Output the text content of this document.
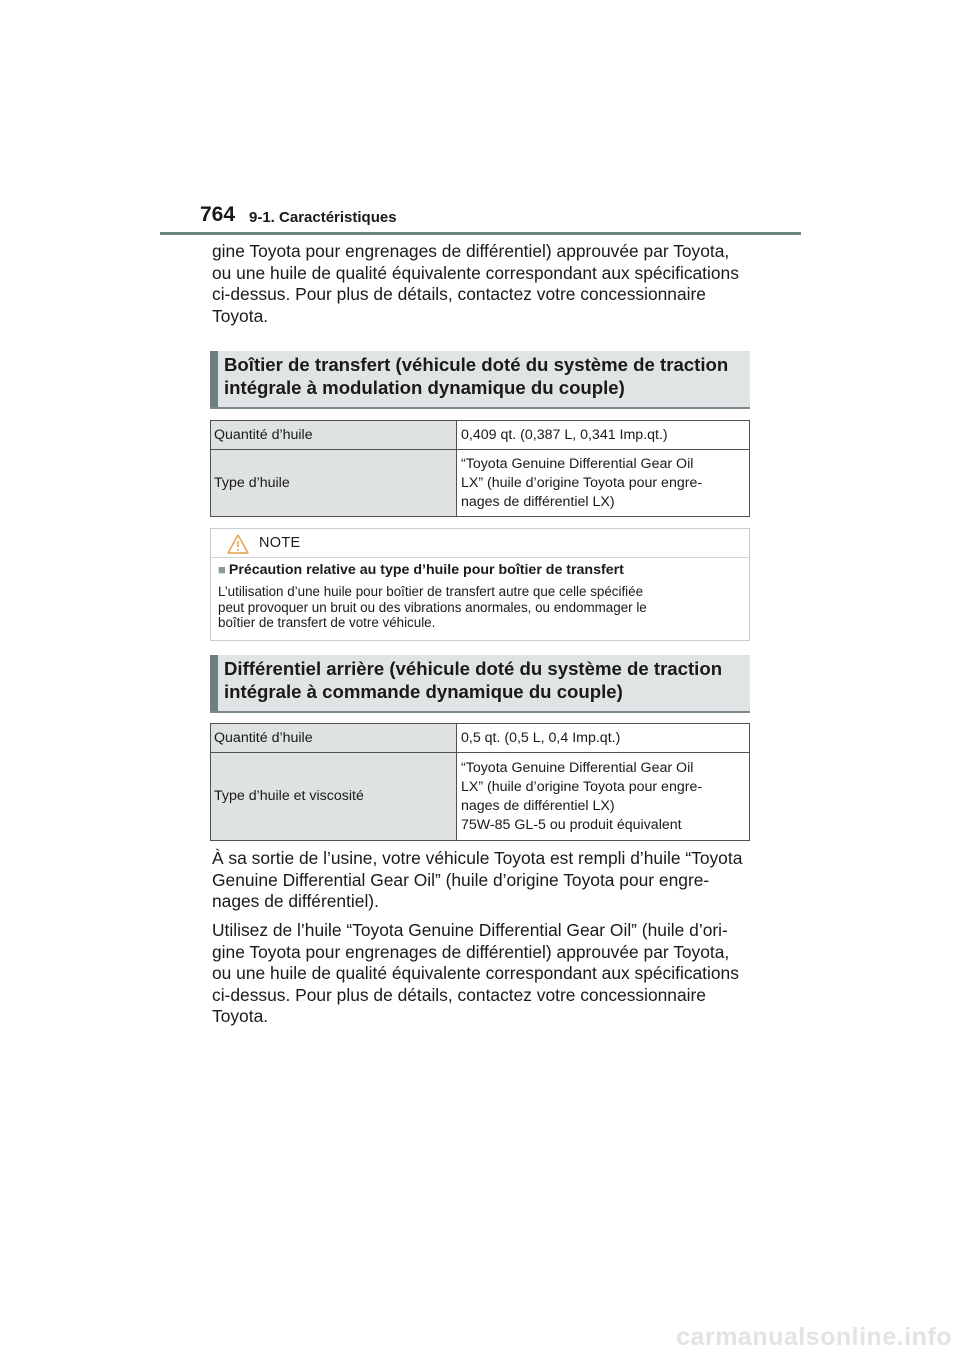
764 9-1. Caractéristiques

gine Toyota pour engrenages de différentiel) approuvée par Toyota,
ou une huile de qualité équivalente correspondant aux spécifications
ci-dessus. Pour plus de détails, contactez votre concessionnaire
Toyota.

Boîtier de transfert (véhicule doté du système de traction
intégrale à modulation dynamique du couple)
Quantité d’huile	0,409 qt. (0,387 L, 0,341 Imp.qt.)

Type d’huile	“Toyota Genuine Differential Gear Oil
LX” (huile d’origine Toyota pour engre-
nages de différentiel LX)
NOTE
■ Précaution relative au type d’huile pour boîtier de transfert
L’utilisation d’une huile pour boîtier de transfert autre que celle spécifiée
peut provoquer un bruit ou des vibrations anormales, ou endommager le
boîtier de transfert de votre véhicule.
Différentiel arrière (véhicule doté du système de traction
intégrale à commande dynamique du couple)
Quantité d’huile	0,5 qt. (0,5 L, 0,4 Imp.qt.)

Type d’huile et viscosité	“Toyota Genuine Differential Gear Oil
LX” (huile d’origine Toyota pour engre-
nages de différentiel LX)
75W-85 GL-5 ou produit équivalent

À sa sortie de l’usine, votre véhicule Toyota est rempli d’huile “Toyota
Genuine Differential Gear Oil” (huile d’origine Toyota pour engre-
nages de différentiel).

Utilisez de l’huile “Toyota Genuine Differential Gear Oil” (huile d’ori-
gine Toyota pour engrenages de différentiel) approuvée par Toyota,
ou une huile de qualité équivalente correspondant aux spécifications
ci-dessus. Pour plus de détails, contactez votre concessionnaire
Toyota.

carmanualsonline.info
